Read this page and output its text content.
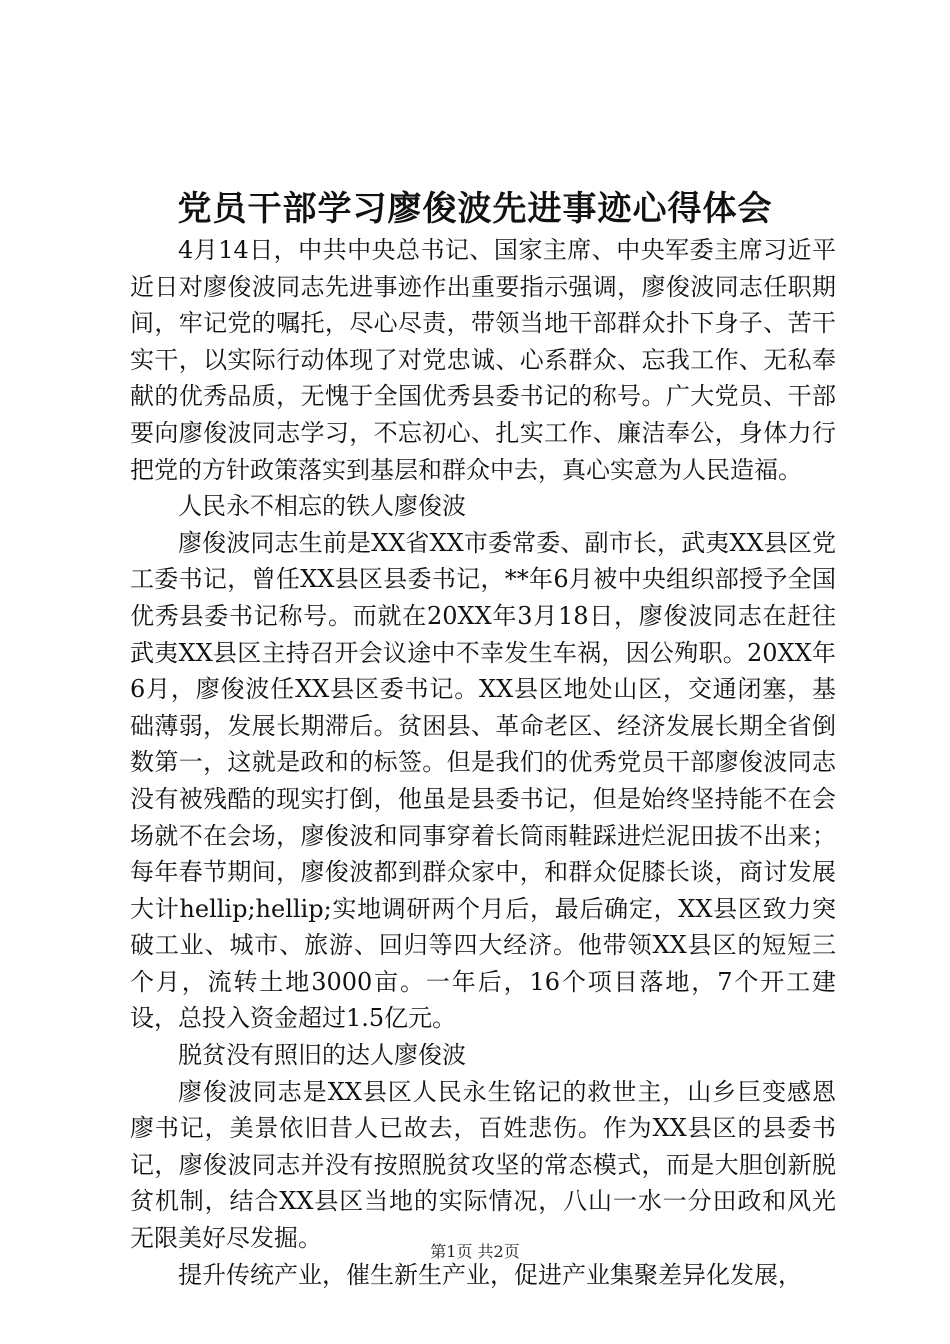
党员干部学习廖俊波先进事迹心得体会

4月14日，中共中央总书记、国家主席、中央军委主席习近平近日对廖俊波同志先进事迹作出重要指示强调，廖俊波同志任职期间，牢记党的嘱托，尽心尽责，带领当地干部群众扑下身子、苦干实干，以实际行动体现了对党忠诚、心系群众、忘我工作、无私奉献的优秀品质，无愧于全国优秀县委书记的称号。广大党员、干部要向廖俊波同志学习，不忘初心、扎实工作、廉洁奉公，身体力行把党的方针政策落实到基层和群众中去，真心实意为人民造福。

人民永不相忘的铁人廖俊波

廖俊波同志生前是XX省XX市委常委、副市长，武夷XX县区党工委书记，曾任XX县区县委书记，**年6月被中央组织部授予全国优秀县委书记称号。而就在20XX年3月18日，廖俊波同志在赶往武夷XX县区主持召开会议途中不幸发生车祸，因公殉职。20XX年6月，廖俊波任XX县区委书记。XX县区地处山区，交通闭塞，基础薄弱，发展长期滞后。贫困县、革命老区、经济发展长期全省倒数第一，这就是政和的标签。但是我们的优秀党员干部廖俊波同志没有被残酷的现实打倒，他虽是县委书记，但是始终坚持能不在会场就不在会场，廖俊波和同事穿着长筒雨鞋踩进烂泥田拔不出来；每年春节期间，廖俊波都到群众家中，和群众促膝长谈，商讨发展大计hellip;hellip;实地调研两个月后，最后确定，XX县区致力突破工业、城市、旅游、回归等四大经济。他带领XX县区的短短三个月，流转土地3000亩。一年后，16个项目落地，7个开工建设，总投入资金超过1.5亿元。

脱贫没有照旧的达人廖俊波

廖俊波同志是XX县区人民永生铭记的救世主，山乡巨变感恩廖书记，美景依旧昔人已故去，百姓悲伤。作为XX县区的县委书记，廖俊波同志并没有按照脱贫攻坚的常态模式，而是大胆创新脱贫机制，结合XX县区当地的实际情况，八山一水一分田政和风光无限美好尽发掘。

提升传统产业，催生新生产业，促进产业集聚差异化发展，

第1页 共2页
